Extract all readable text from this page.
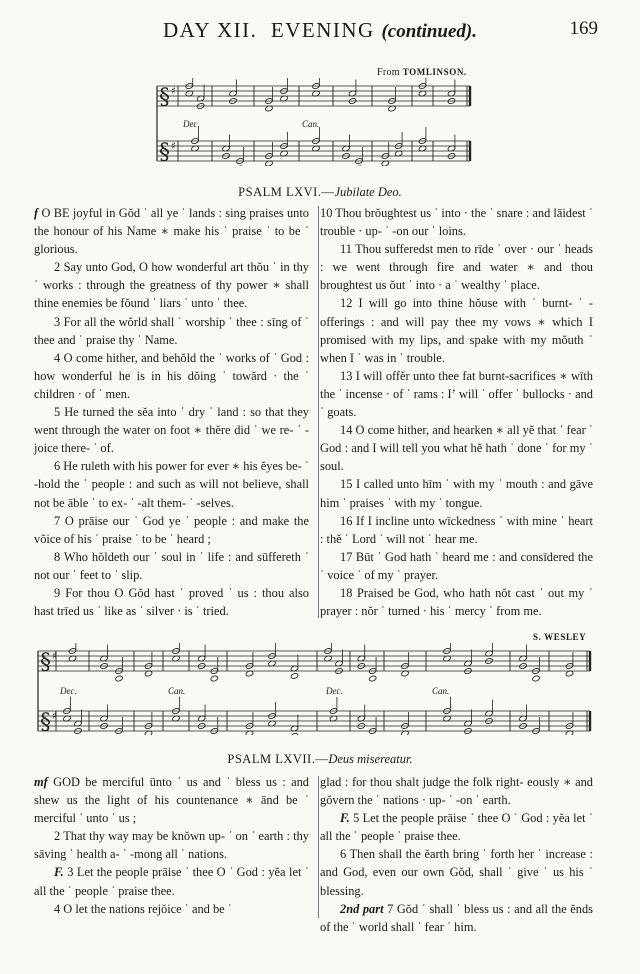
DAY XII.  EVENING (continued).	169
From TOMLINSON.
§ ♯
§ ♯
Dec.	Can.
PSALM LXVI.—Jubilate Deo.

f O BE joyful in Gŏd ˈ all ye ˈ lands : sing praises unto the honour of his Name ∗ make his ˈ praise ˈ to be ˈ glorious.

2 Say unto God, O how wonderful art thŏu ˈ in thy ˈ works : through the greatness of thy power ∗ shall thine enemies be fŏund ˈ liars ˈ unto ˈ thee.

3 For all the wŏrld shall ˈ worship ˈ thee : sīng of ˈ thee and ˈ praise thy ˈ Name.

4 O come hither, and behŏld the ˈ works of ˈ God : how wonderful he is in his dŏing ˈ towărd · the ˈ children · of ˈ men.

5 He turned the sĕa into ˈ dry ˈ land : so that they went through the water on foot ∗ thĕre did ˈ we re- ˈ -joice there- ˈ of.

6 He ruleth with his power for ever ∗ his ĕyes be- ˈ -hold the ˈ people : and such as will not believe, shall not be āble ˈ to ex- ˈ -alt them- ˈ -selves.

7 O prāise our ˈ God ye ˈ people : and make the vŏice of his ˈ praise ˈ to be ˈ heard ;

8 Who hŏldeth our ˈ soul in ˈ life : and sūffereth ˈ not our ˈ feet to ˈ slip.

9 For thou O Gŏd hast ˈ proved ˈ us : thou also hast trīed us ˈ like as ˈ silver · is ˈ tried.

10 Thou brŏughtest us ˈ into · the ˈ snare : and lāidest ˈ trouble · up- ˈ -on our ˈ loins.

11 Thou sufferedst men to rīde ˈ over · our ˈ heads : we went through fire and water ∗ and thou broughtest us ŏut ˈ into · a ˈ wealthy ˈ place.

12 I will go into thine hŏuse with ˈ burnt- ˈ -offerings : and will pay thee my vows ∗ which I promised with my lips, and spake with my mŏuth ˈ when I ˈ was in ˈ trouble.

13 I will offĕr unto thee fat burnt-sacrifices ∗ wīth the ˈ incense · of ˈ rams : Iʼ will ˈ offer ˈ bullocks · and ˈ goats.

14 O come hither, and hearken ∗ all yĕ that ˈ fear ˈ God : and I will tell you what hĕ hath ˈ done ˈ for my ˈ soul.

15 I called unto hīm ˈ with my ˈ mouth : and gāve him ˈ praises ˈ with my ˈ tongue.

16 If I incline unto wīckedness ˈ with mine ˈ heart : thĕ ˈ Lord ˈ will not ˈ hear me.

17 Būt ˈ God hath ˈ heard me : and consīdered the ˈ voice ˈ of my ˈ prayer.

18 Praised be God, who hath nŏt cast ˈ out my ˈ prayer : nŏr ˈ turned · his ˈ mercy ˈ from me.

S. WESLEY
§ ♯
§ ♯
Dec.	Can.	Dec.	Can.
PSALM LXVII.—Deus misereatur.

mf GOD be merciful ūnto ˈ us and ˈ bless us : and shew us the light of his countenance ∗ ānd be ˈ merciful ˈ unto ˈ us ;

2 That thy way may be knŏwn up- ˈ on ˈ earth : thy sāving ˈ health a- ˈ -mong all ˈ nations.

F. 3 Let the people prāise ˈ thee O ˈ God : yĕa let ˈ all the ˈ people ˈ praise thee.

4 O let the nations rejŏice ˈ and be ˈ

glad : for thou shalt judge the folk right- eously ∗ and gŏvern the ˈ nations · up- ˈ -on ˈ earth.

F. 5 Let the people prāise ˈ thee O ˈ God : yĕa let ˈ all the ˈ people ˈ praise thee.

6 Then shall the ĕarth bring ˈ forth her ˈ increase : and God, even our own Gŏd, shall ˈ give ˈ us his ˈ blessing.

2nd part 7 Gŏd ˈ shall ˈ bless us : and all the ĕnds of the ˈ world shall ˈ fear ˈ him.
